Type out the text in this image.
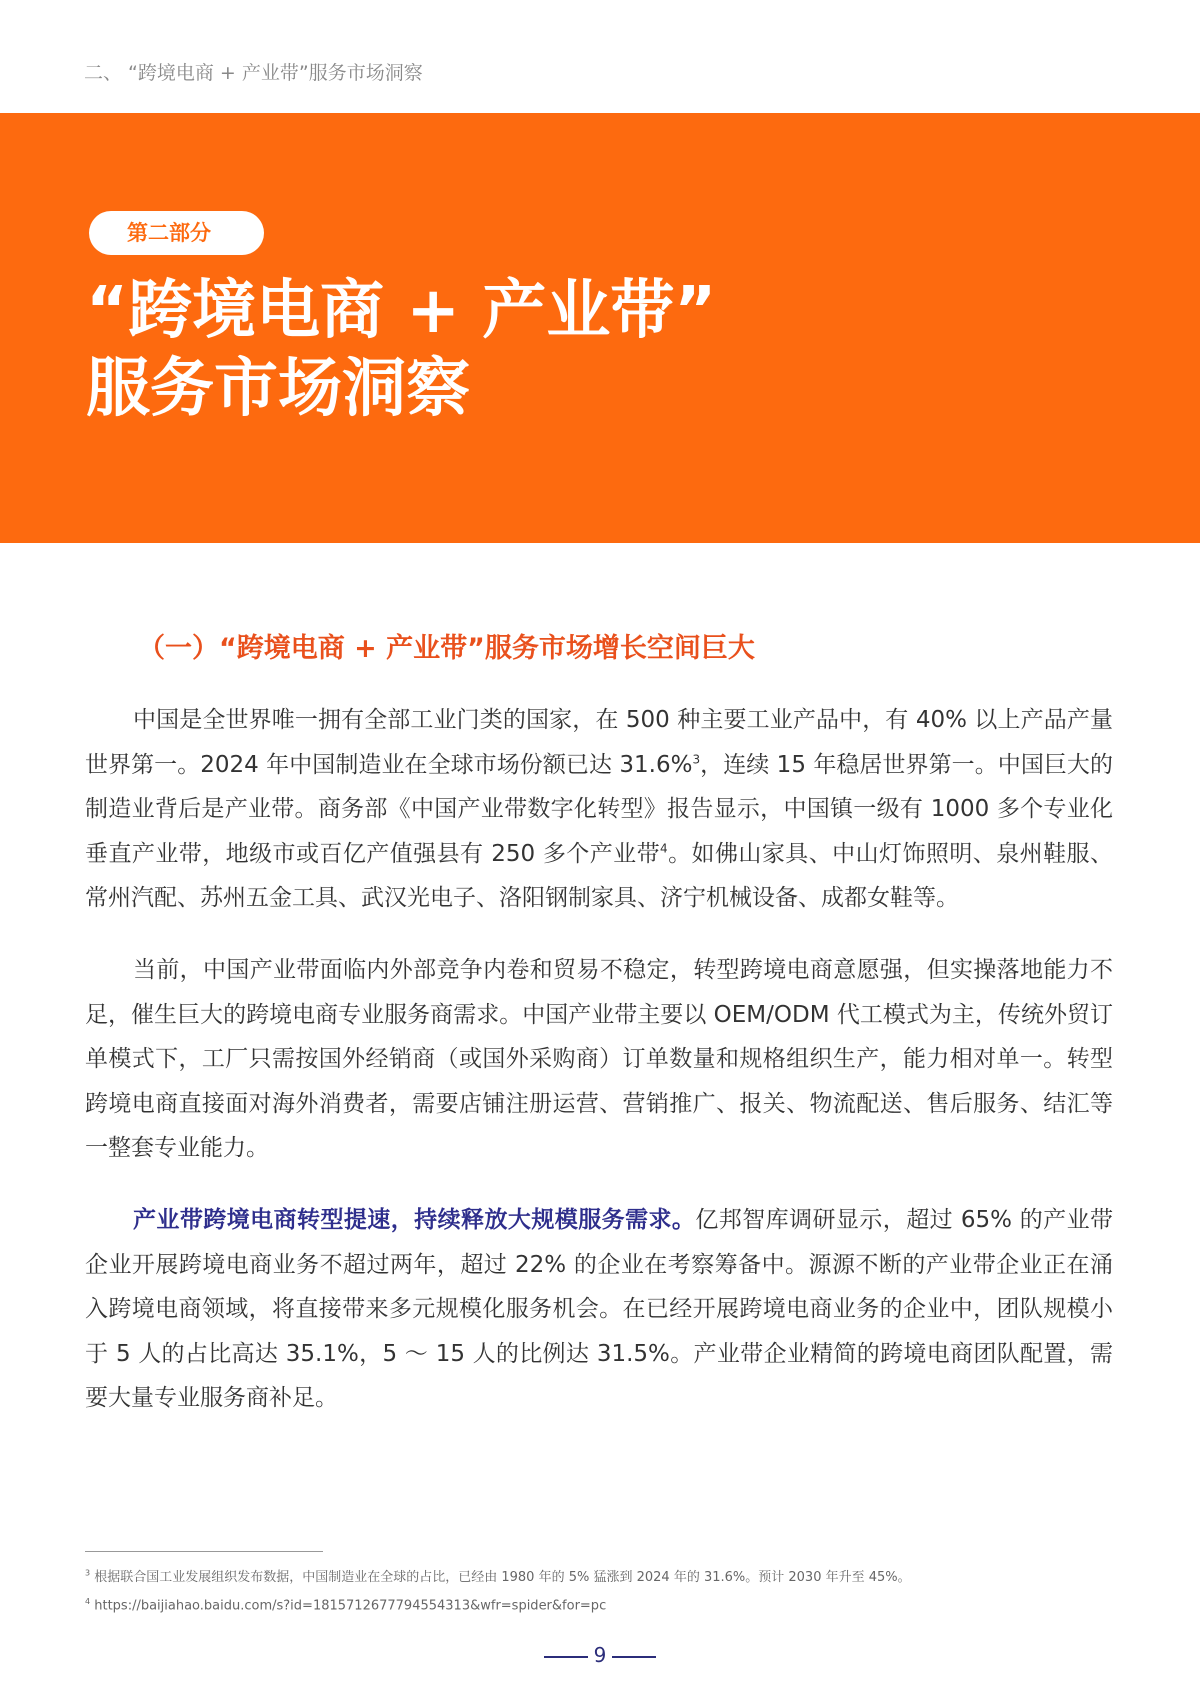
二、 “跨境电商 + 产业带”服务市场洞察
第二部分
“跨境电商 + 产业带”
服务市场洞察
（一）“跨境电商 + 产业带”服务市场增长空间巨大
中国是全世界唯一拥有全部工业门类的国家，在 500 种主要工业产品中，有 40% 以上产品产量世界第一。2024 年中国制造业在全球市场份额已达 31.6%$^3$，连续 15 年稳居世界第一。中国巨大的制造业背后是产业带。商务部《中国产业带数字化转型》报告显示，中国镇一级有 1000 多个专业化垂直产业带，地级市或百亿产值强县有 250 多个产业带$^4$。如佛山家具、中山灯饰照明、泉州鞋服、常州汽配、苏州五金工具、武汉光电子、洛阳钢制家具、济宁机械设备、成都女鞋等。
当前，中国产业带面临内外部竞争内卷和贸易不稳定，转型跨境电商意愿强，但实操落地能力不足，催生巨大的跨境电商专业服务商需求。中国产业带主要以 OEM/ODM 代工模式为主，传统外贸订单模式下，工厂只需按国外经销商（或国外采购商）订单数量和规格组织生产，能力相对单一。转型跨境电商直接面对海外消费者，需要店铺注册运营、营销推广、报关、物流配送、售后服务、结汇等一整套专业能力。
产业带跨境电商转型提速，持续释放大规模服务需求。亿邦智库调研显示，超过 65% 的产业带企业开展跨境电商业务不超过两年，超过 22% 的企业在考察筹备中。源源不断的产业带企业正在涌入跨境电商领域，将直接带来多元规模化服务机会。在已经开展跨境电商业务的企业中，团队规模小于 5 人的占比高达 35.1%，5 ～ 15 人的比例达 31.5%。产业带企业精简的跨境电商团队配置，需要大量专业服务商补足。
$^3$ 根据联合国工业发展组织发布数据，中国制造业在全球的占比，已经由 1980 年的 5% 猛涨到 2024 年的 31.6%。预计 2030 年升至 45%。
$^4$ https://baijiahao.baidu.com/s?id=1815712677794554313&wfr=spider&for=pc
9
